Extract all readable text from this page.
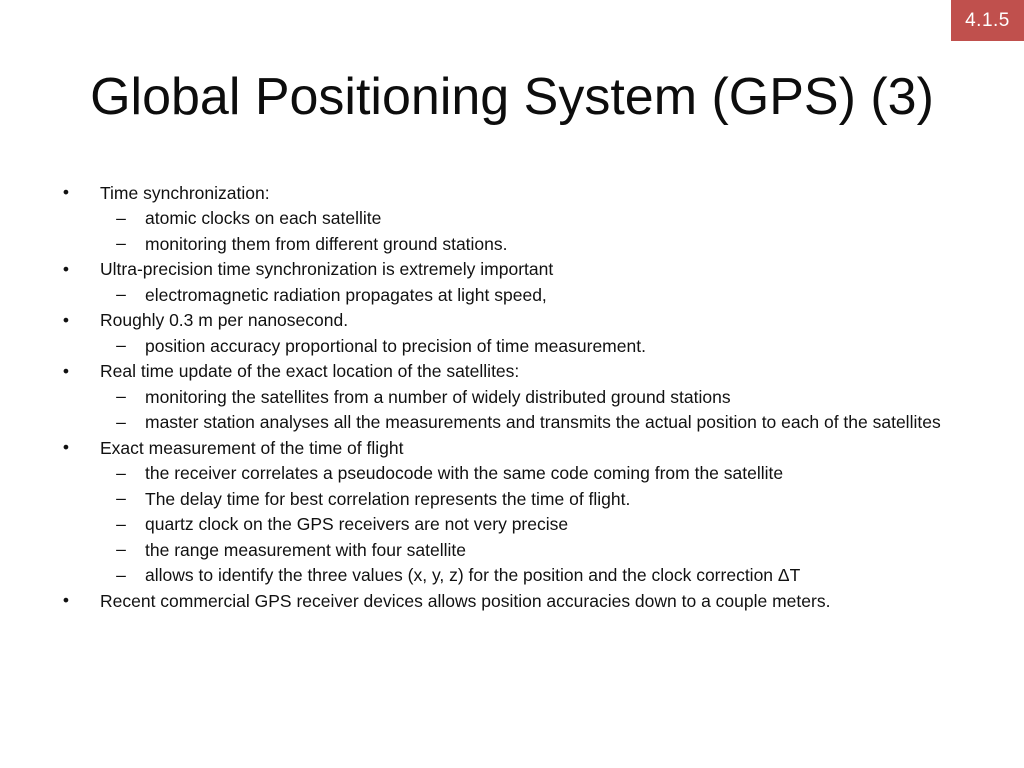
4.1.5
Global Positioning System (GPS) (3)
• Time synchronization:
– atomic clocks on each satellite
– monitoring them from different ground stations.
• Ultra-precision time synchronization is extremely important
– electromagnetic radiation propagates at light speed,
• Roughly 0.3 m per nanosecond.
– position accuracy proportional to precision of time measurement.
• Real time update of the exact location of the satellites:
– monitoring the satellites from a number of widely distributed ground stations
– master station analyses all the measurements and transmits the actual position to each of the satellites
• Exact measurement of the time of flight
– the receiver correlates a pseudocode with the same code coming from the satellite
– The delay time for best correlation represents the time of flight.
– quartz clock on the GPS receivers are not very precise
– the range measurement with four satellite
– allows to identify the three values (x, y, z) for the position and the clock correction ΔT
• Recent commercial GPS receiver devices allows position accuracies down to a couple meters.
